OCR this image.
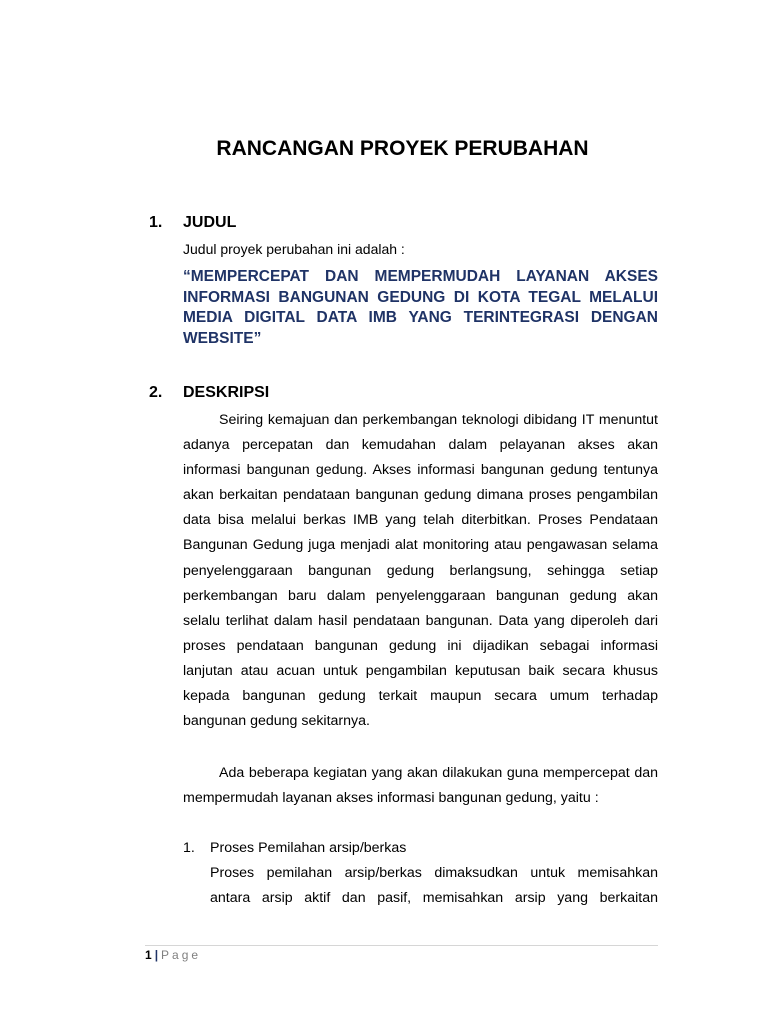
RANCANGAN PROYEK PERUBAHAN
1. JUDUL

Judul proyek perubahan ini adalah :

“MEMPERCEPAT DAN MEMPERMUDAH LAYANAN AKSES INFORMASI BANGUNAN GEDUNG DI KOTA TEGAL MELALUI MEDIA DIGITAL DATA IMB YANG TERINTEGRASI DENGAN WEBSITE”

2. DESKRIPSI

Seiring kemajuan dan perkembangan teknologi dibidang IT menuntut adanya percepatan dan kemudahan dalam pelayanan akses akan informasi bangunan gedung. Akses informasi bangunan gedung tentunya akan berkaitan pendataan bangunan gedung dimana proses pengambilan data bisa melalui berkas IMB yang telah diterbitkan. Proses Pendataan Bangunan Gedung juga menjadi alat monitoring atau pengawasan selama penyelenggaraan bangunan gedung berlangsung, sehingga setiap perkembangan baru dalam penyelenggaraan bangunan gedung akan selalu terlihat dalam hasil pendataan bangunan. Data yang diperoleh dari proses pendataan bangunan gedung ini dijadikan sebagai informasi lanjutan atau acuan untuk pengambilan keputusan baik secara khusus kepada bangunan gedung terkait maupun secara umum terhadap bangunan gedung sekitarnya.

Ada beberapa kegiatan yang akan dilakukan guna mempercepat dan mempermudah layanan akses informasi bangunan gedung, yaitu :

1. Proses Pemilahan arsip/berkas

Proses pemilahan arsip/berkas dimaksudkan untuk memisahkan antara arsip aktif dan pasif, memisahkan arsip yang berkaitan

1 | Page
